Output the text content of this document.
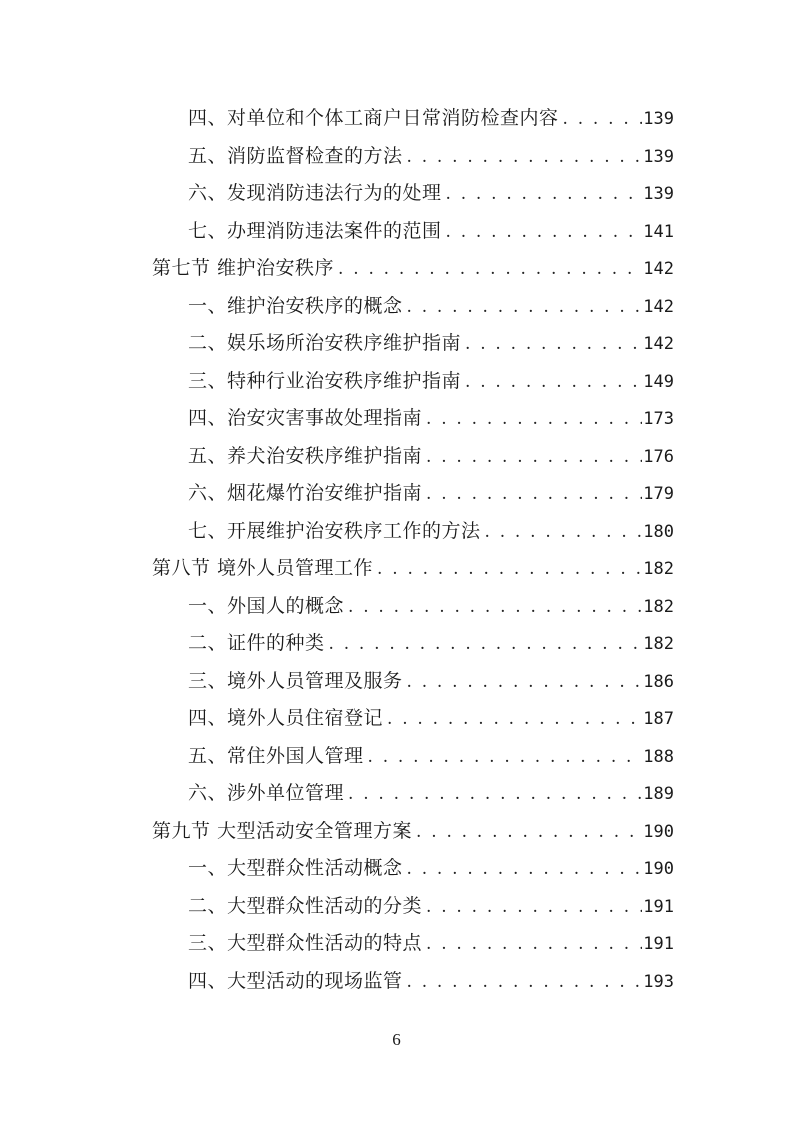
四、对单位和个体工商户日常消防检查内容 . . .	139
五、消防监督检查的方法 . . .	139
六、发现消防违法行为的处理 . . .	139
七、办理消防违法案件的范围 . . .	141
第七节 维护治安秩序 . . .	142
一、维护治安秩序的概念 . . .	142
二、娱乐场所治安秩序维护指南 . . .	142
三、特种行业治安秩序维护指南 . . .	149
四、治安灾害事故处理指南 . . .	173
五、养犬治安秩序维护指南 . . .	176
六、烟花爆竹治安维护指南 . . .	179
七、开展维护治安秩序工作的方法 . . .	180
第八节 境外人员管理工作 . . .	182
一、外国人的概念 . . .	182
二、证件的种类 . . .	182
三、境外人员管理及服务 . . .	186
四、境外人员住宿登记 . . .	187
五、常住外国人管理 . . .	188
六、涉外单位管理 . . .	189
第九节 大型活动安全管理方案 . . .	190
一、大型群众性活动概念 . . .	190
二、大型群众性活动的分类 . . .	191
三、大型群众性活动的特点 . . .	191
四、大型活动的现场监管 . . .	193
6
